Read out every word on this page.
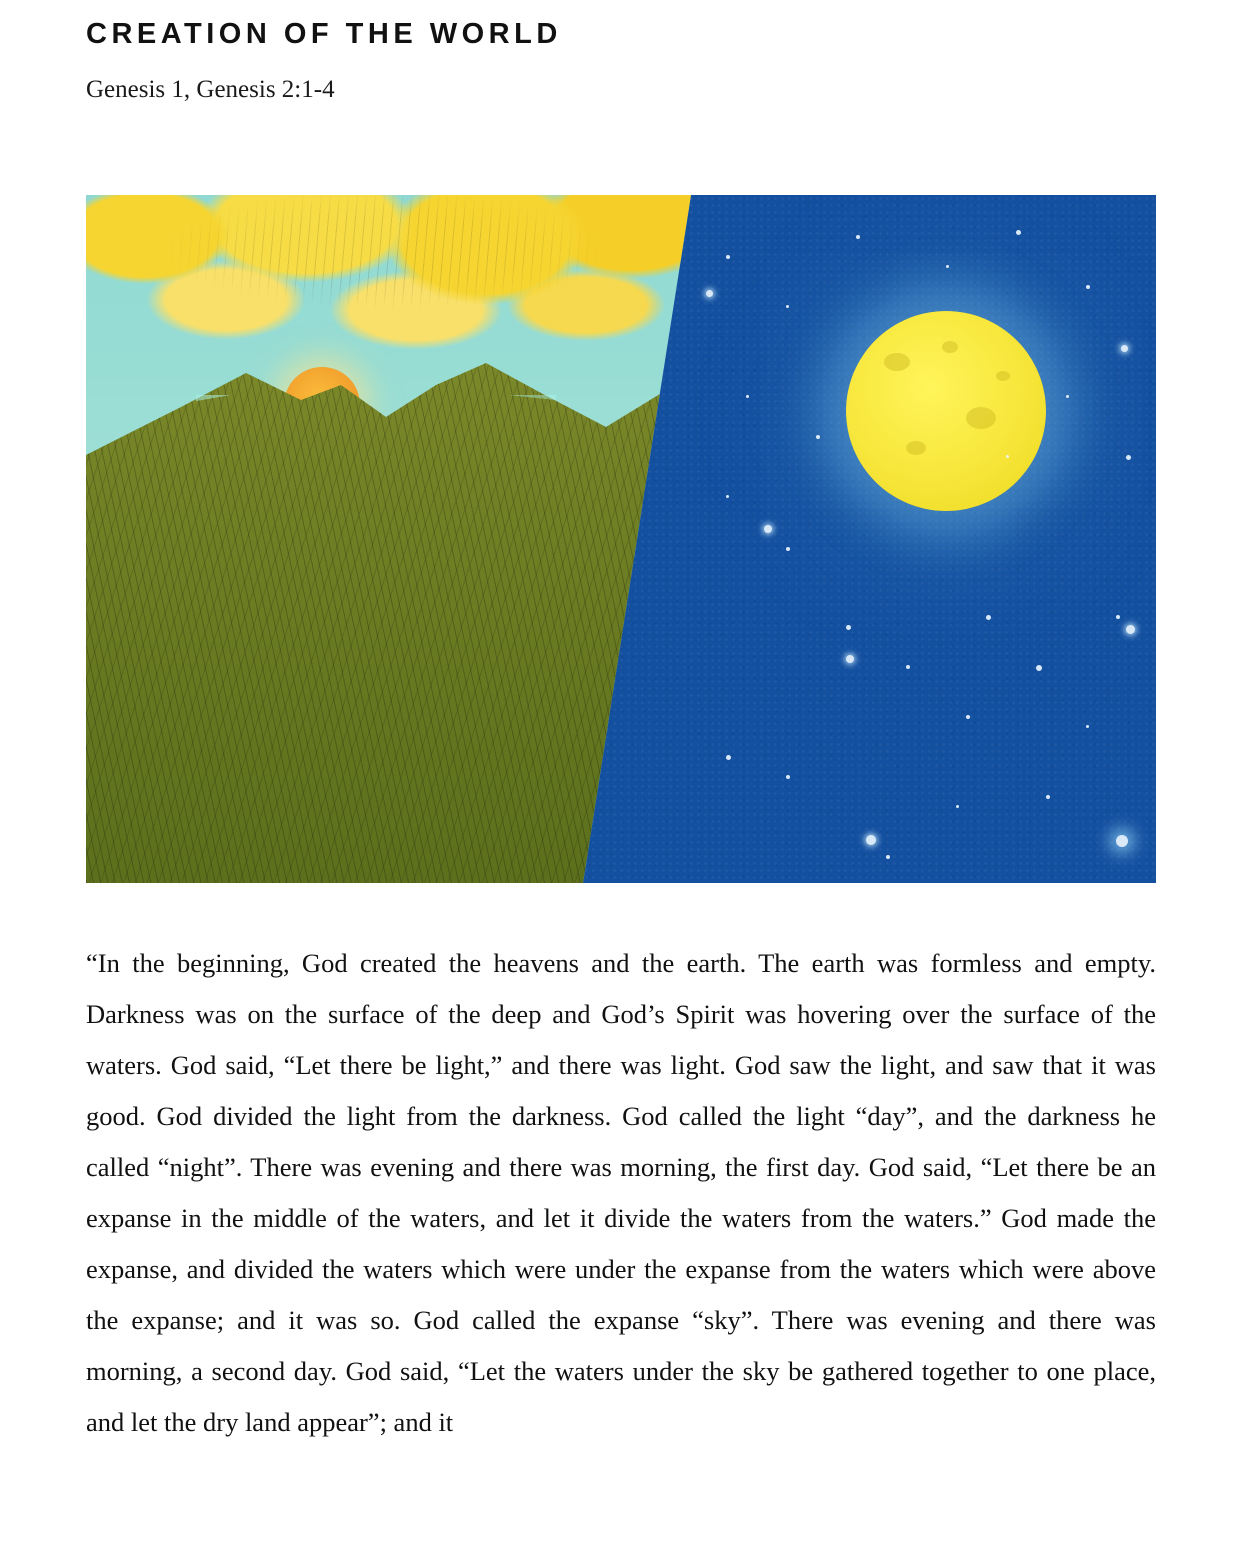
CREATION OF THE WORLD
Genesis 1, Genesis 2:1-4
“In the beginning, God created the heavens and the earth. The earth was formless and empty. Darkness was on the surface of the deep and God’s Spirit was hovering over the surface of the waters. God said, “Let there be light,” and there was light. God saw the light, and saw that it was good. God divided the light from the darkness. God called the light “day”, and the darkness he called “night”. There was evening and there was morning, the first day. God said, “Let there be an expanse in the middle of the waters, and let it divide the waters from the waters.” God made the expanse, and divided the waters which were under the expanse from the waters which were above the expanse; and it was so. God called the expanse “sky”. There was evening and there was morning, a second day. God said, “Let the waters under the sky be gathered together to one place, and let the dry land appear”; and it
